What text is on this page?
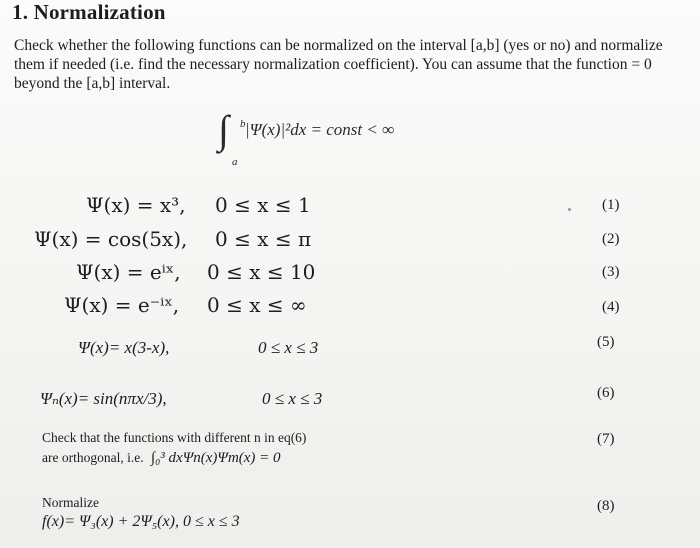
1. Normalization
Check whether the following functions can be normalized on the interval [a,b] (yes or no) and normalize them if needed (i.e. find the necessary normalization coefficient). You can assume that the function = 0 beyond the [a,b] interval.
∫ b
a
|Ψ(x)|²dx = const < ∞
Ψ(x) = x³, 0 ≤ x ≤ 1	(1)
Ψ(x) = cos(5x), 0 ≤ x ≤ π	(2)
Ψ(x) = eⁱˣ, 0 ≤ x ≤ 10	(3)
Ψ(x) = e⁻ⁱˣ, 0 ≤ x ≤ ∞	(4)
Ψ(x)= x(3-x),	0 ≤ x ≤ 3	(5)
Ψₙ(x)= sin(nπx/3),	0 ≤ x ≤ 3	(6)
Check that the functions with different n in eq(6)
are orthogonal, i.e. ∫₀³ dxΨn(x)Ψm(x) = 0
(7)
Normalize
f(x)= Ψ₃(x) + 2Ψ₅(x), 0 ≤ x ≤ 3
(8)
